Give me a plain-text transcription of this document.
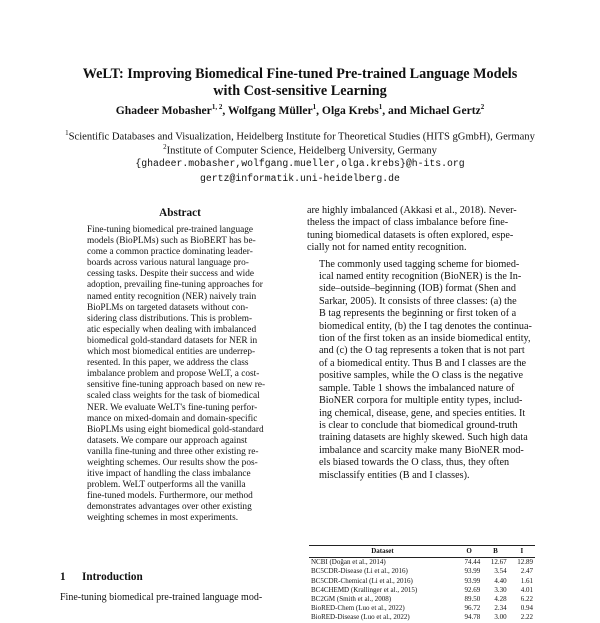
WeLT: Improving Biomedical Fine-tuned Pre-trained Language Models
with Cost-sensitive Learning
Ghadeer Mobasher$^{1, 2}$, Wolfgang Müller$^1$, Olga Krebs$^1$, and Michael Gertz$^2$
$^1$Scientific Databases and Visualization, Heidelberg Institute for Theoretical Studies (HITS gGmbH), Germany
$^2$Institute of Computer Science, Heidelberg University, Germany
{ghadeer.mobasher,wolfgang.mueller,olga.krebs}@h-its.org
gertz@informatik.uni-heidelberg.de
Abstract
Fine-tuning biomedical pre-trained language
models (BioPLMs) such as BioBERT has be-
come a common practice dominating leader-
boards across various natural language pro-
cessing tasks. Despite their success and wide
adoption, prevailing fine-tuning approaches for
named entity recognition (NER) naively train
BioPLMs on targeted datasets without con-
sidering class distributions. This is problem-
atic especially when dealing with imbalanced
biomedical gold-standard datasets for NER in
which most biomedical entities are underrep-
resented. In this paper, we address the class
imbalance problem and propose WeLT, a cost-
sensitive fine-tuning approach based on new re-
scaled class weights for the task of biomedical
NER. We evaluate WeLT's fine-tuning perfor-
mance on mixed-domain and domain-specific
BioPLMs using eight biomedical gold-standard
datasets. We compare our approach against
vanilla fine-tuning and three other existing re-
weighting schemes. Our results show the pos-
itive impact of handling the class imbalance
problem. WeLT outperforms all the vanilla
fine-tuned models. Furthermore, our method
demonstrates advantages over other existing
weighting schemes in most experiments.
1 Introduction
Fine-tuning biomedical pre-trained language mod-

are highly imbalanced (Akkasi et al., 2018). Never-
theless the impact of class imbalance before fine-
tuning biomedical datasets is often explored, espe-
cially not for named entity recognition.

The commonly used tagging scheme for biomed-
ical named entity recognition (BioNER) is the In-
side–outside–beginning (IOB) format (Shen and
Sarkar, 2005). It consists of three classes: (a) the
B tag represents the beginning or first token of a
biomedical entity, (b) the I tag denotes the continua-
tion of the first token as an inside biomedical entity,
and (c) the O tag represents a token that is not part
of a biomedical entity. Thus B and I classes are the
positive samples, while the O class is the negative
sample. Table 1 shows the imbalanced nature of
BioNER corpora for multiple entity types, includ-
ing chemical, disease, gene, and species entities. It
is clear to conclude that biomedical ground-truth
training datasets are highly skewed. Such high data
imbalance and scarcity make many BioNER mod-
els biased towards the O class, thus, they often
misclassify entities (B and I classes).

Dataset	O	B	I
NCBI (Doğan et al., 2014)	74.44	12.67	12.89
BC5CDR-Disease (Li et al., 2016)	93.99	3.54	2.47
BC5CDR-Chemical (Li et al., 2016)	93.99	4.40	1.61
BC4CHEMD (Krallinger et al., 2015)	92.69	3.30	4.01
BC2GM (Smith et al., 2008)	89.50	4.28	6.22
BioRED-Chem (Luo et al., 2022)	96.72	2.34	0.94
BioRED-Disease (Luo et al., 2022)	94.78	3.00	2.22
